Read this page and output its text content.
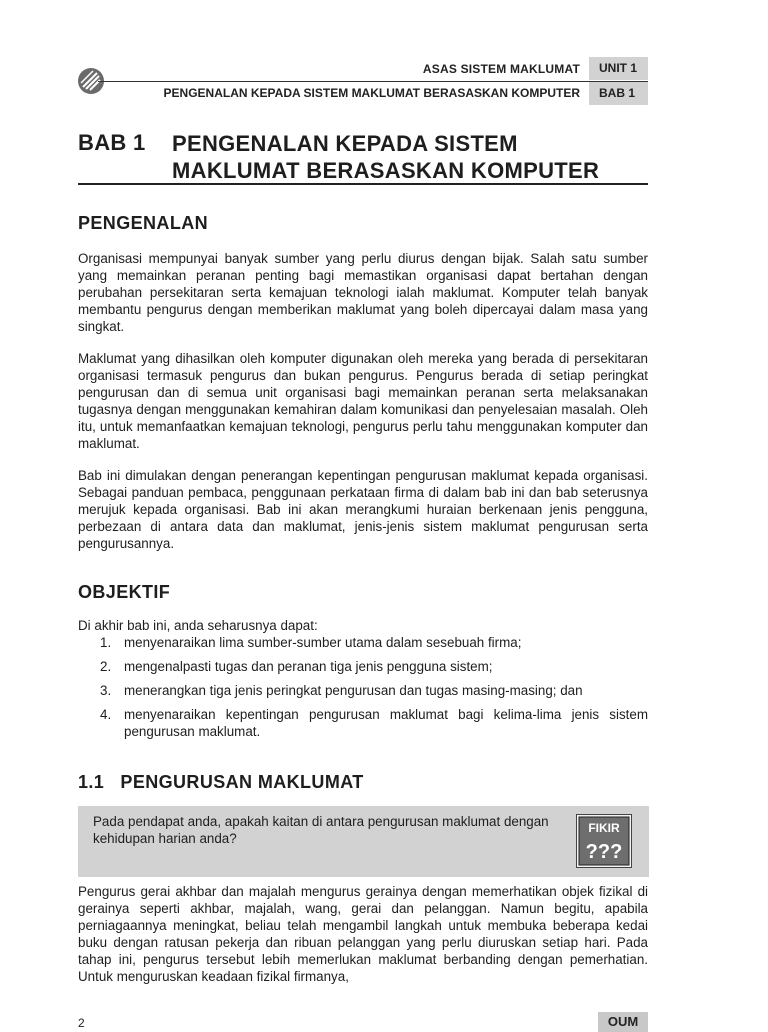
ASAS SISTEM MAKLUMAT	UNIT 1
PENGENALAN KEPADA SISTEM MAKLUMAT BERASASKAN KOMPUTER	BAB 1
BAB 1 PENGENALAN KEPADA SISTEM MAKLUMAT BERASASKAN KOMPUTER
PENGENALAN

Organisasi mempunyai banyak sumber yang perlu diurus dengan bijak. Salah satu sumber yang memainkan peranan penting bagi memastikan organisasi dapat bertahan dengan perubahan persekitaran serta kemajuan teknologi ialah maklumat. Komputer telah banyak membantu pengurus dengan memberikan maklumat yang boleh dipercayai dalam masa yang singkat.

Maklumat yang dihasilkan oleh komputer digunakan oleh mereka yang berada di persekitaran organisasi termasuk pengurus dan bukan pengurus. Pengurus berada di setiap peringkat pengurusan dan di semua unit organisasi bagi memainkan peranan serta melaksanakan tugasnya dengan menggunakan kemahiran dalam komunikasi dan penyelesaian masalah. Oleh itu, untuk memanfaatkan kemajuan teknologi, pengurus perlu tahu menggunakan komputer dan maklumat.

Bab ini dimulakan dengan penerangan kepentingan pengurusan maklumat kepada organisasi. Sebagai panduan pembaca, penggunaan perkataan firma di dalam bab ini dan bab seterusnya merujuk kepada organisasi. Bab ini akan merangkumi huraian berkenaan jenis pengguna, perbezaan di antara data dan maklumat, jenis-jenis sistem maklumat pengurusan serta pengurusannya.

OBJEKTIF

Di akhir bab ini, anda seharusnya dapat:

1. menyenaraikan lima sumber-sumber utama dalam sesebuah firma;
2. mengenalpasti tugas dan peranan tiga jenis pengguna sistem;
3. menerangkan tiga jenis peringkat pengurusan dan tugas masing-masing; dan
4. menyenaraikan kepentingan pengurusan maklumat bagi kelima-lima jenis sistem pengurusan maklumat.
1.1   PENGURUSAN MAKLUMAT

Pada pendapat anda, apakah kaitan di antara pengurusan maklumat dengan kehidupan harian anda?

FIKIR
???

Pengurus gerai akhbar dan majalah mengurus gerainya dengan memerhatikan objek fizikal di gerainya seperti akhbar, majalah, wang, gerai dan pelanggan. Namun begitu, apabila perniagaannya meningkat, beliau telah mengambil langkah untuk membuka beberapa kedai buku dengan ratusan pekerja dan ribuan pelanggan yang perlu diuruskan setiap hari. Pada tahap ini, pengurus tersebut lebih memerlukan maklumat berbanding dengan pemerhatian. Untuk menguruskan keadaan fizikal firmanya,

2	OUM
